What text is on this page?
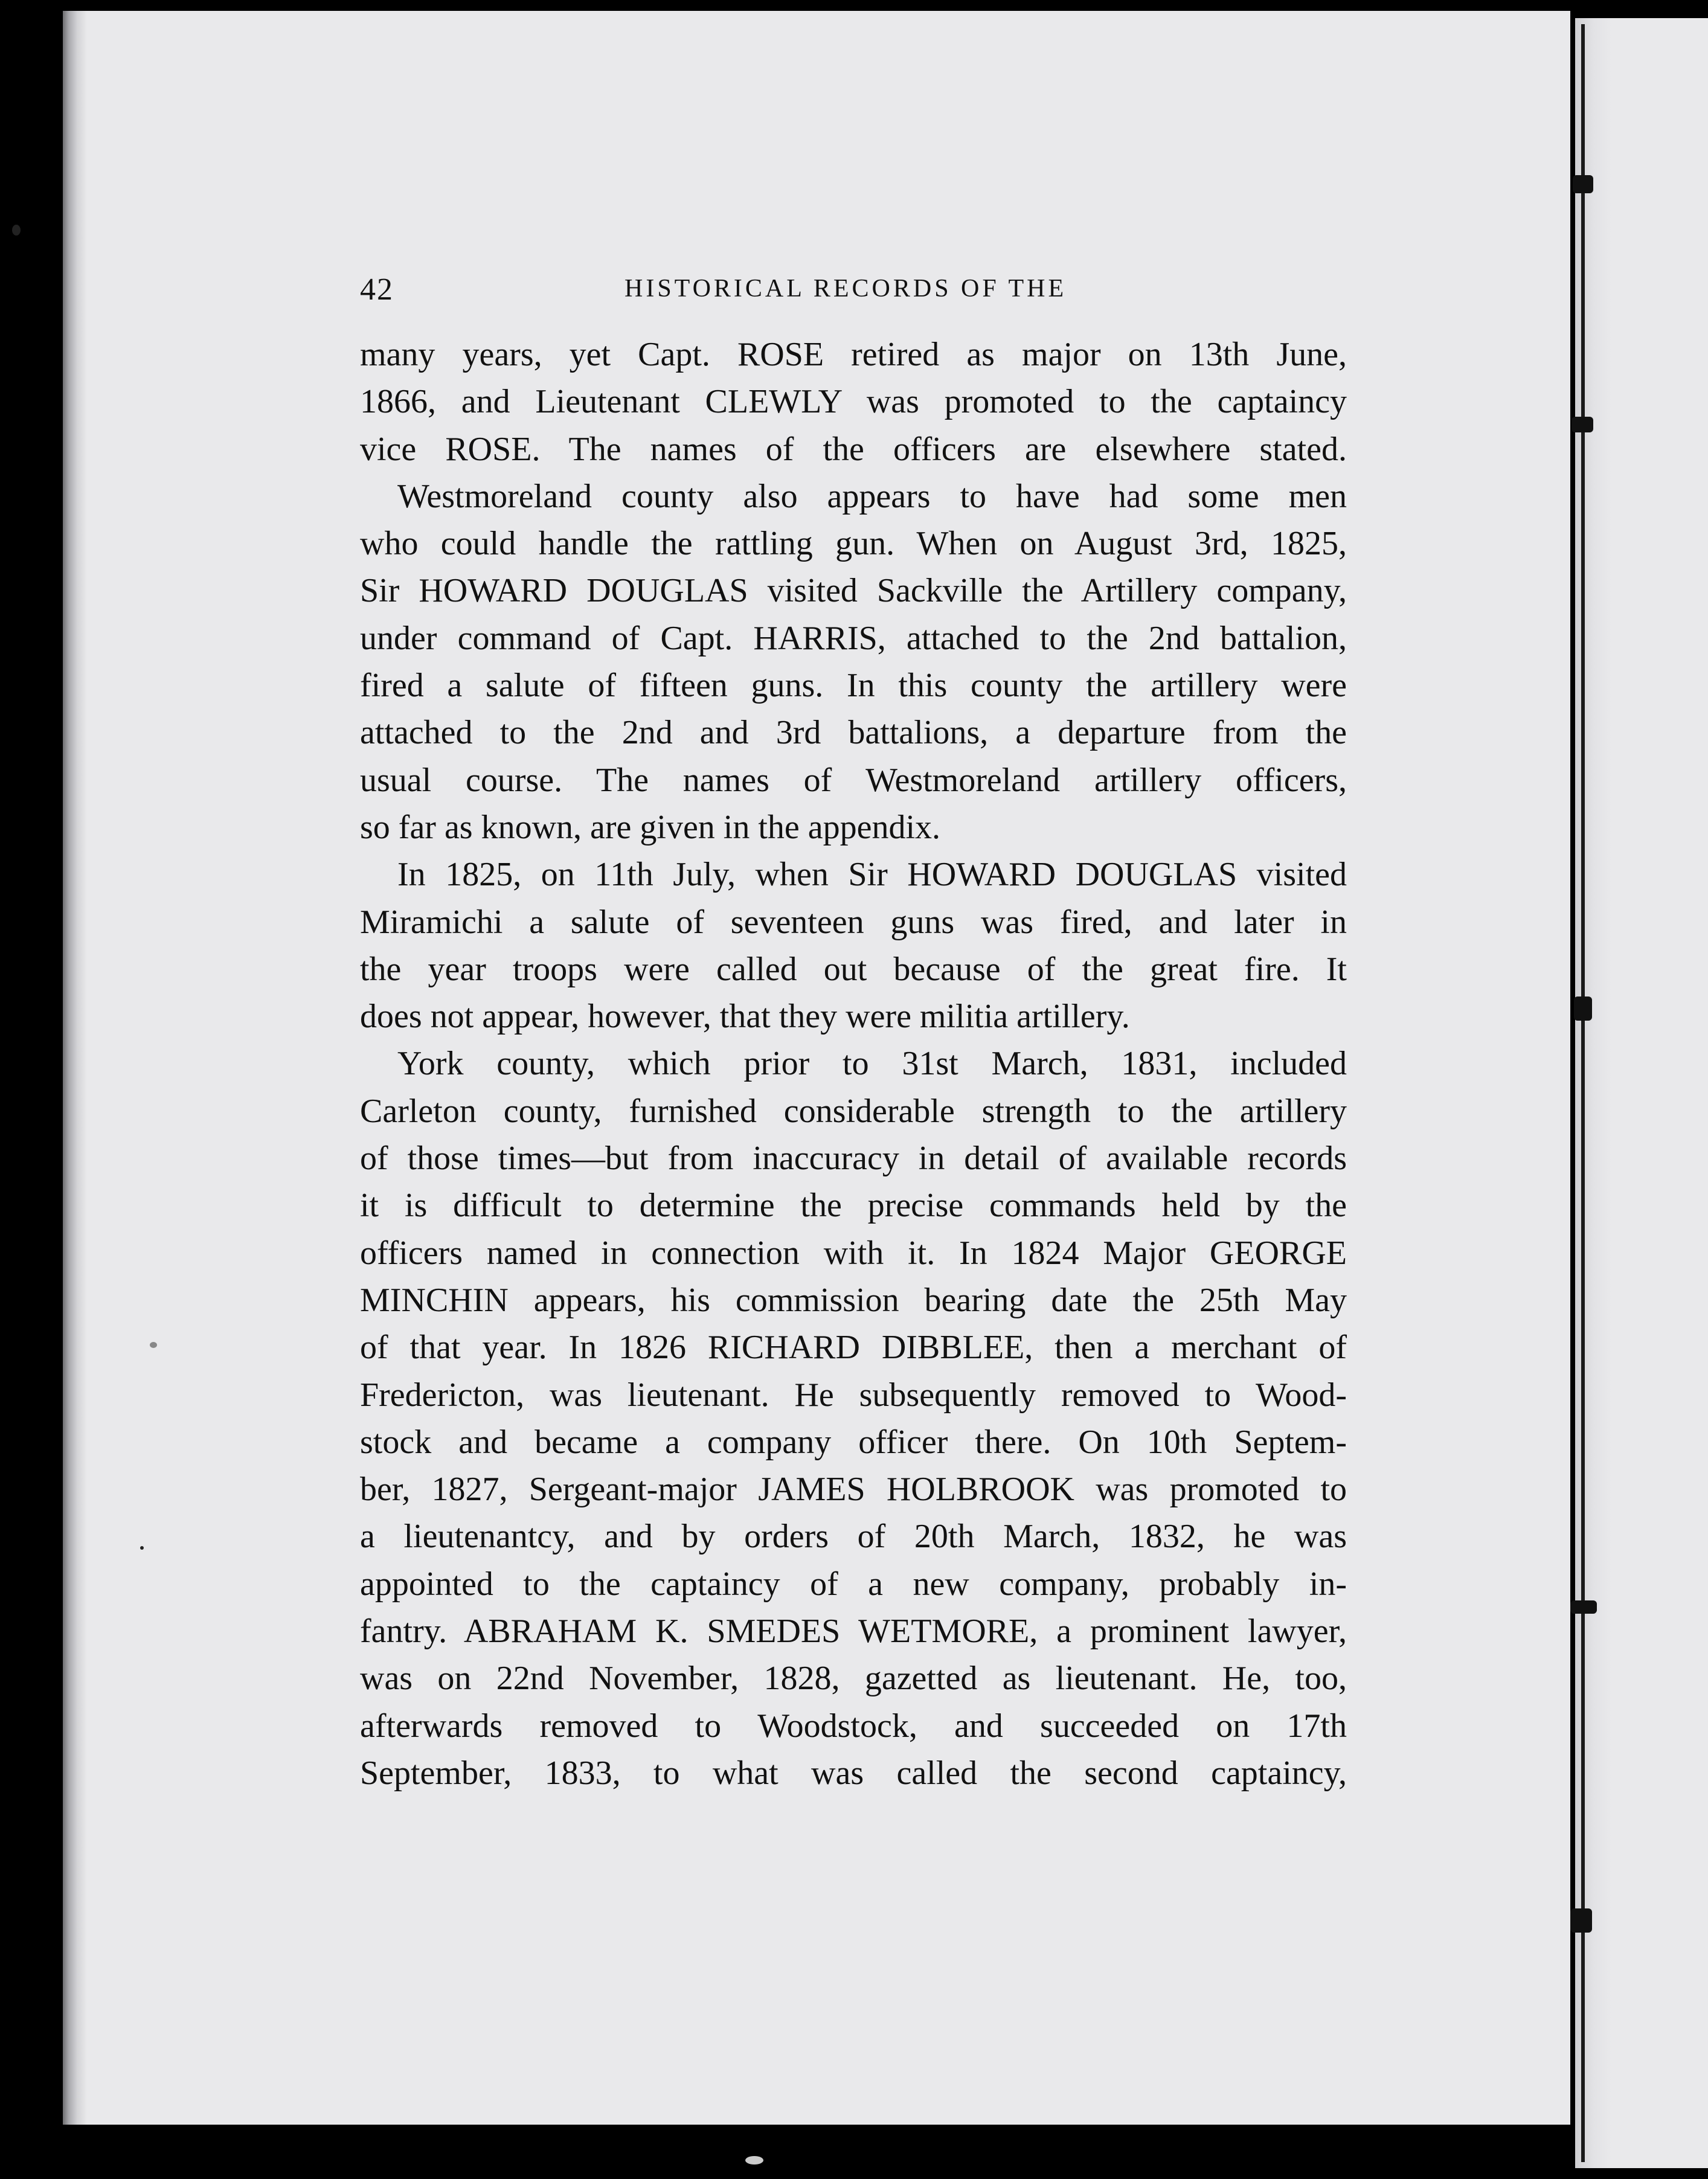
42	HISTORICAL RECORDS OF THE
many years, yet Capt. ROSE retired as major on 13th June,
1866, and Lieutenant CLEWLY was promoted to the captaincy
vice ROSE. The names of the officers are elsewhere stated.
Westmoreland county also appears to have had some men
who could handle the rattling gun. When on August 3rd, 1825,
Sir HOWARD DOUGLAS visited Sackville the Artillery company,
under command of Capt. HARRIS, attached to the 2nd battalion,
fired a salute of fifteen guns. In this county the artillery were
attached to the 2nd and 3rd battalions, a departure from the
usual course. The names of Westmoreland artillery officers,
so far as known, are given in the appendix.
In 1825, on 11th July, when Sir HOWARD DOUGLAS visited
Miramichi a salute of seventeen guns was fired, and later in
the year troops were called out because of the great fire. It
does not appear, however, that they were militia artillery.
York county, which prior to 31st March, 1831, included
Carleton county, furnished considerable strength to the artillery
of those times—but from inaccuracy in detail of available records
it is difficult to determine the precise commands held by the
officers named in connection with it. In 1824 Major GEORGE
MINCHIN appears, his commission bearing date the 25th May
of that year. In 1826 RICHARD DIBBLEE, then a merchant of
Fredericton, was lieutenant. He subsequently removed to Wood-
stock and became a company officer there. On 10th Septem-
ber, 1827, Sergeant-major JAMES HOLBROOK was promoted to
a lieutenantcy, and by orders of 20th March, 1832, he was
appointed to the captaincy of a new company, probably in-
fantry. ABRAHAM K. SMEDES WETMORE, a prominent lawyer,
was on 22nd November, 1828, gazetted as lieutenant. He, too,
afterwards removed to Woodstock, and succeeded on 17th
September, 1833, to what was called the second captaincy,
